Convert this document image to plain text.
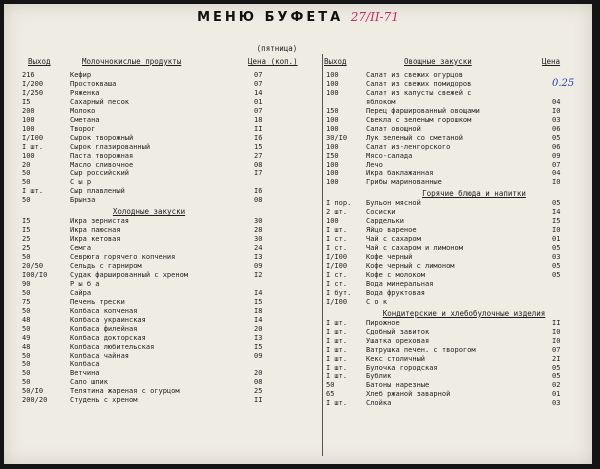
МЕНЮ БУФЕТА 27/II-71
(пятница)
Выход	Молочнокислые продукты	Цена (коп.)	Выход	Овощные закуски	Цена
0.25
216	Кефир	07
I/200	Простокваша	07
I/250	Ряженка	14
I5	Сахарный песок	01
200	Молоко	07
100	Сметана	18
100	Творог	II
I/I00	Сырок творожный	I6
I шт.	Сырок глазированный	15
100	Паста творожная	27
20	Масло сливочное	08
50	Сыр российский	I7
50	С ы р
I шт.	Сыр плавленый	I6
50	Брынза	08
Холодные закуски
I5	Икра зернистая	30
I5	Икра паюсная	28
25	Икра кетовая	30
25	Семга	24
50	Севрюга горячего копчения	I3
20/50	Сельдь с гарниром	09
I00/I0	Судак фаршированный с хреном	I2
90	Р ы б а
50	Сайра	I4
75	Печень трески	I5
50	Колбаса копченая	I8
48	Колбаса украинская	I4
50	Колбаса филейная	20
49	Колбаса докторская	I3
48	Колбаса любительская	I5
50	Колбаса чайная	09
50	Колбаса
50	Ветчина	20
50	Сало шпик	08
50/I0	Телятина жареная с огурцом	25
200/20	Студень с хреном	II
100	Салат из свежих огурцов
100	Салат из свежих помидоров
100	Салат из капусты свежей с
яблоком	04
150	Перец фаршированный овощами	I0
100	Свекла с зеленым горошком	03
100	Салат овощной	06
30/I0	Лук зеленый со сметаной	05
100	Салат из-ленгорского	06
I50	Мясо-салада	09
100	Лечо	07
100	Икра баклажанная	04
100	Грибы маринованные	I0
Горячие блюда и напитки
I пор. Бульон мясной	05
2 шт.	Сосиски	I4
100	Сардельки	I5
I шт.	Яйцо вареное	I0
I ст.	Чай с сахаром	01
I ст.	Чай с сахаром и лимоном	05
I/I00	Кофе черный	03
I/I00	Кофе черный с лимоном	05
I ст.	Кофе с молоком	05
I ст.	Вода минеральная
I бут. Вода фруктовая
I/I00	С о к
Кондитерские и хлебобулочные изделия
I шт.	Пирожное	II
I шт.	Сдобный завиток	I0
I шт.	Ушатка ореховая	I0
I шт.	Ватрушка печен. с творогом	07
I шт.	Кекс столичный	2I
I шт.	Булочка городская	05
I шт.	Бублик	05
50	Батоны нарезные	02
65	Хлеб ржаной заварной	01
I шт.	Слойка	03
